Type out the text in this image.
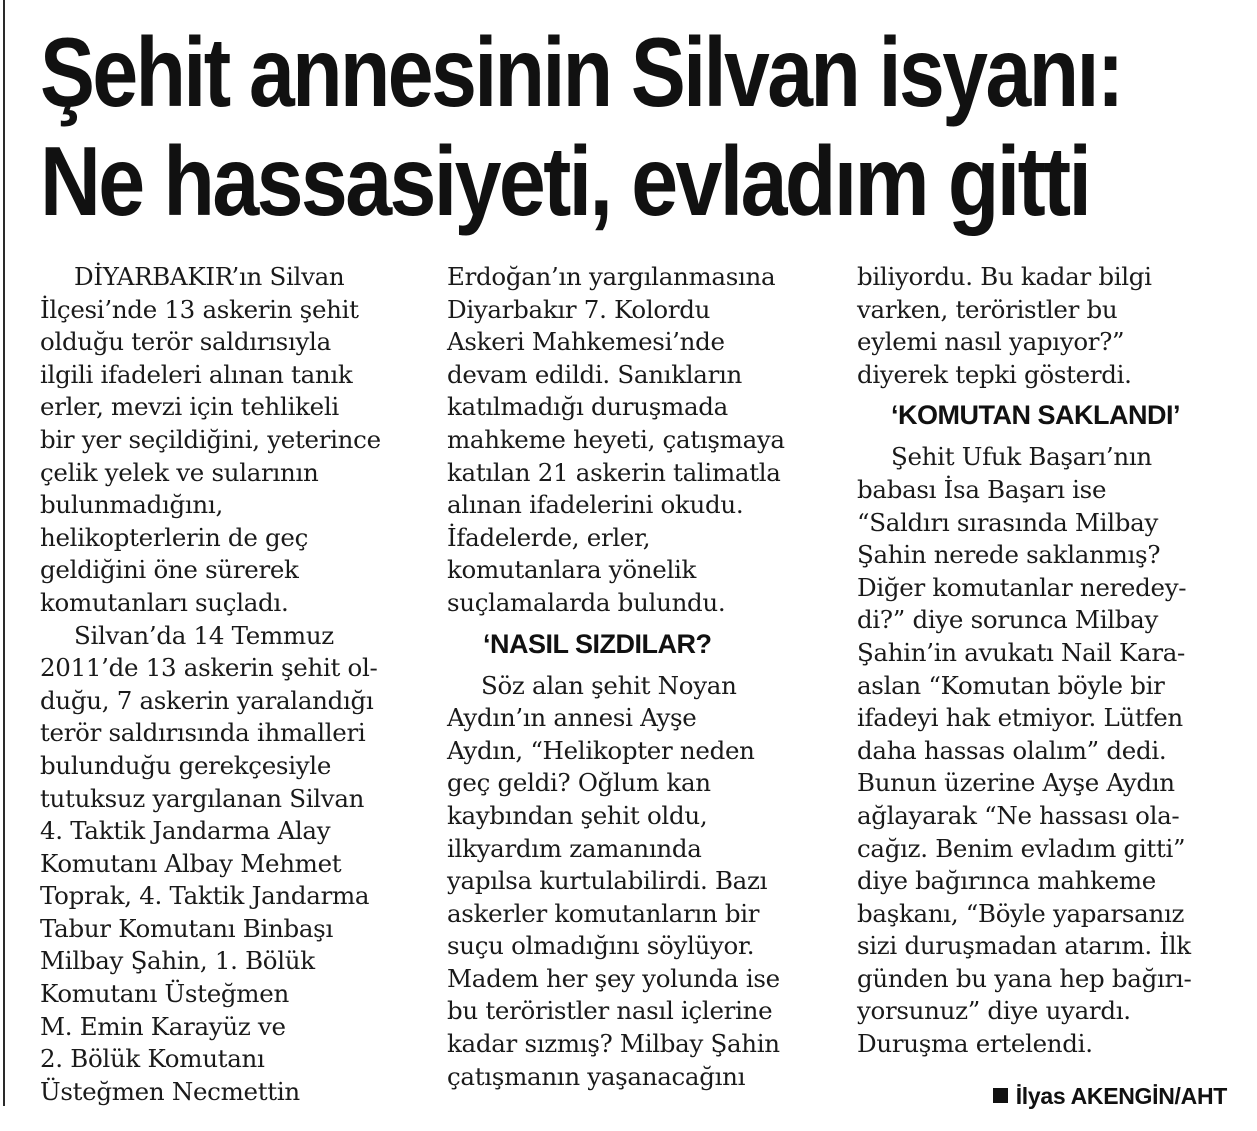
Şehit annesinin Silvan isyanı:
Ne hassasiyeti, evladım gitti
DİYARBAKIR’ın Silvan
İlçesi’nde 13 askerin şehit
olduğu terör saldırısıyla
ilgili ifadeleri alınan tanık
erler, mevzi için tehlikeli
bir yer seçildiğini, yeterince
çelik yelek ve sularının
bulunmadığını,
helikopterlerin de geç
geldiğini öne sürerek
komutanları suçladı.
Silvan’da 14 Temmuz
2011’de 13 askerin şehit ol-
duğu, 7 askerin yaralandığı
terör saldırısında ihmalleri
bulunduğu gerekçesiyle
tutuksuz yargılanan Silvan
4. Taktik Jandarma Alay
Komutanı Albay Mehmet
Toprak, 4. Taktik Jandarma
Tabur Komutanı Binbaşı
Milbay Şahin, 1. Bölük
Komutanı Üsteğmen
M. Emin Karayüz ve
2. Bölük Komutanı
Üsteğmen Necmettin
Erdoğan’ın yargılanmasına
Diyarbakır 7. Kolordu
Askeri Mahkemesi’nde
devam edildi. Sanıkların
katılmadığı duruşmada
mahkeme heyeti, çatışmaya
katılan 21 askerin talimatla
alınan ifadelerini okudu.
İfadelerde, erler,
komutanlara yönelik
suçlamalarda bulundu.
‘NASIL SIZDILAR?
Söz alan şehit Noyan
Aydın’ın annesi Ayşe
Aydın, “Helikopter neden
geç geldi? Oğlum kan
kaybından şehit oldu,
ilkyardım zamanında
yapılsa kurtulabilirdi. Bazı
askerler komutanların bir
suçu olmadığını söylüyor.
Madem her şey yolunda ise
bu teröristler nasıl içlerine
kadar sızmış? Milbay Şahin
çatışmanın yaşanacağını
biliyordu. Bu kadar bilgi
varken, teröristler bu
eylemi nasıl yapıyor?”
diyerek tepki gösterdi.
‘KOMUTAN SAKLANDI’
Şehit Ufuk Başarı’nın
babası İsa Başarı ise
“Saldırı sırasında Milbay
Şahin nerede saklanmış?
Diğer komutanlar neredey-
di?” diye sorunca Milbay
Şahin’in avukatı Nail Kara-
aslan “Komutan böyle bir
ifadeyi hak etmiyor. Lütfen
daha hassas olalım” dedi.
Bunun üzerine Ayşe Aydın
ağlayarak “Ne hassası ola-
cağız. Benim evladım gitti”
diye bağırınca mahkeme
başkanı, “Böyle yaparsanız
sizi duruşmadan atarım. İlk
günden bu yana hep bağırı-
yorsunuz” diye uyardı.
Duruşma ertelendi.
İlyas AKENGİN/AHT
